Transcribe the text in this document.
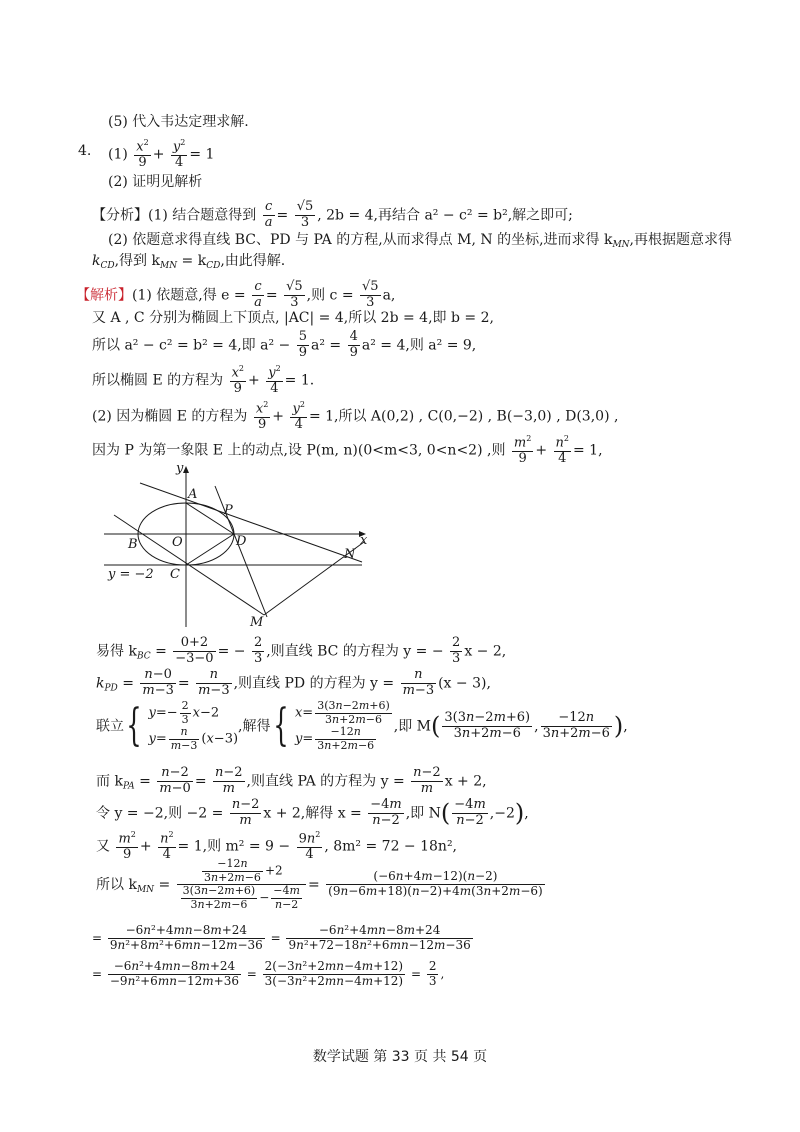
(5) 代入韦达定理求解.
4. $(1) \frac{x^2}{9} + \frac{y^2}{4} = 1$
(2) 证明见解析
【分析】(1) 结合题意得到 $\frac{c}{a} = \frac{√5}{3}$ , 2b = 4,再结合 a² − c² = b²,解之即可;
(2) 依题意求得直线 BC、PD 与 PA 的方程,从而求得点 M, N 的坐标,进而求得 $k_{MN}$,再根据题意求得
$k_{CD}$,得到 $k_{MN} = k_{CD}$,由此得解.
【解析】(1) 依题意,得 $e = \frac{c}{a} = \frac{√5}{3}$ ,则 $c = \frac{√5}{3} a$,
又 A , C 分别为椭圆上下顶点, |AC| = 4,所以 2b = 4,即 b = 2,
所以 a² − c² = b² = 4,即 $a^2 - \frac{5}{9} a^2 = \frac{4}{9} a^2 = 4$,则 a² = 9,
所以椭圆 E 的方程为 $\frac{x^2}{9} + \frac{y^2}{4} = 1$.
(2) 因为椭圆 E 的方程为 $\frac{x^2}{9} + \frac{y^2}{4} = 1$,所以 A(0,2) , C(0,−2) , B(−3,0) , D(3,0) ,
因为 P 为第一象限 E 上的动点,设 P(m, n)(0<m<3, 0<n<2) ,则 $\frac{m^2}{9} + \frac{n^2}{4} = 1$,
y
x
A
P
B	O	D
N
C
M
y = −2
易得 $k_{BC} = \frac{0+2}{-3-0}$ = − $\frac{2}{3}$ ,则直线 BC 的方程为 y = − $\frac{2}{3}$ x − 2,
$k_{PD} = \frac{n-0}{m-3} = \frac{n}{m-3}$ ,则直线 PD 的方程为 $y = \frac{n}{m-3} (x - 3)$,
联立{ $y=- \frac{2}{3} x-2$
$y= \frac{n}{m-3} (x-3)$
,解得{ $x= \frac{3(3n-2m+6)}{3n+2m-6}$
$y= \frac{-12n}{3n+2m-6}$ ,即 $M( \frac{3(3n-2m+6)}{3n+2m-6}$ , $\frac{-12n}{3n+2m-6}$ ),
而 $k_{PA} = \frac{n-2}{m-0} = \frac{n-2}{m}$ ,则直线 PA 的方程为 $y = \frac{n-2}{m}$ x + 2,
令 y = −2,则 $-2 = \frac{n-2}{m}$ x + 2,解得 $x = \frac{-4m}{n-2}$ ,即 $N( \frac{-4m}{n-2} ,-2)$,
又 $\frac{m^2}{9} + \frac{n^2}{4} = 1$,则 $m^2 = 9 - \frac{9n^2}{4}$ , 8m² = 72 − 18n²,
所以 $k_{MN} = \frac{\frac{-12n}{3n+2m-6} +2}{\frac{3(3n-2m+6)}{3n+2m-6} - \frac{-4m}{n-2}} = \frac{(-6n+4m-12)(n-2)}{(9n-6m+18)(n-2)+4m(3n+2m-6)}$
= $\frac{\text{−6n²+4mn−8m+24}}{\text{9n²+8m²+6mn−12m−36}} = \frac{\text{−6n²+4mn−8m+24}}{\text{9n²+72−18n²+6mn−12m−36}}$
= $\frac{\text{−6n²+4mn−8m+24}}{\text{−9n²+6mn−12m+36}} = \frac{\text{2(−3n²+2mn−4m+12)}}{\text{3(−3n²+2mn−4m+12)}} = \frac{2}{3}$ ,
数学试题 第 33 页 共 54 页
